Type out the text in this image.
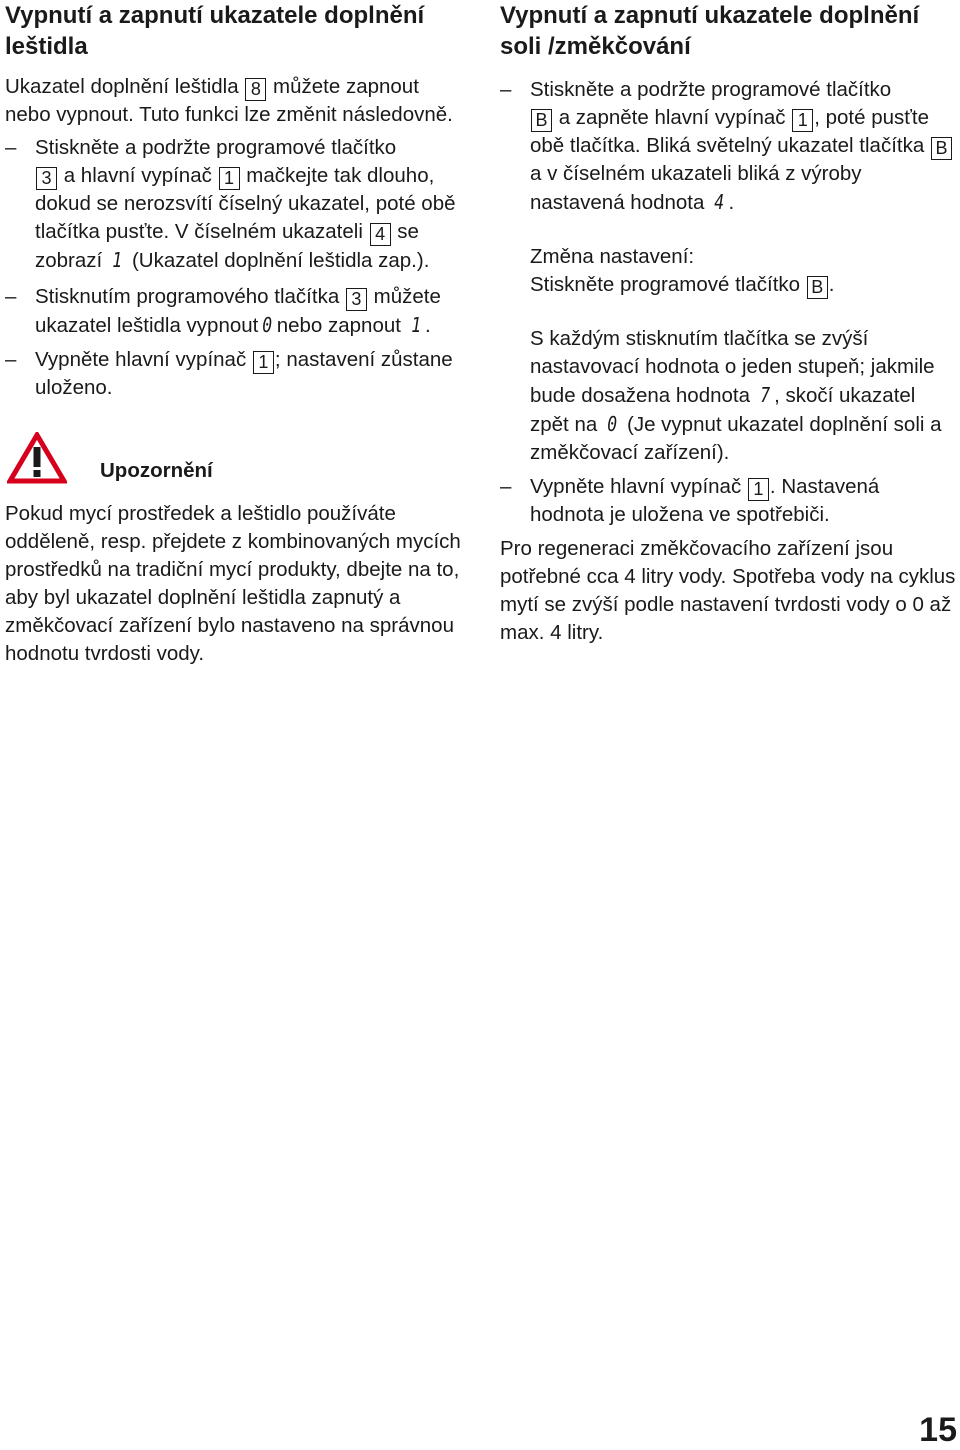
Vypnutí a zapnutí ukazatele doplnění leštidla

Ukazatel doplnění leštidla 8 můžete zapnout nebo vypnout. Tuto funkci lze změnit následovně.

– Stiskněte a podržte programové tlačítko
3 a hlavní vypínač 1 mačkejte tak dlouho, dokud se nerozsvítí číselný ukazatel, poté obě tlačítka pusťte. V číselném ukazateli 4 se zobrazí 1 (Ukazatel doplnění leštidla zap.).
– Stisknutím programového tlačítka 3 můžete ukazatel leštidla vypnout 0 nebo zapnout 1 .
– Vypněte hlavní vypínač 1 ; nastavení zůstane uloženo.
Upozornění

Pokud mycí prostředek a leštidlo používáte odděleně, resp. přejdete z kombinovaných mycích prostředků na tradiční mycí produkty, dbejte na to, aby byl ukazatel doplnění leštidla zapnutý a změkčovací zařízení bylo nastaveno na správnou hodnotu tvrdosti vody.

Vypnutí a zapnutí ukazatele doplnění soli /změkčování
– Stiskněte a podržte programové tlačítko
B a zapněte hlavní vypínač 1 , poté pusťte obě tlačítka. Bliká světelný ukazatel tlačítka B a v číselném ukazateli bliká z výroby nastavená hodnota 4 .
Změna nastavení:
Stiskněte programové tlačítko B .
S každým stisknutím tlačítka se zvýší nastavovací hodnota o jeden stupeň; jakmile bude dosažena hodnota 7 , skočí ukazatel zpět na 0 (Je vypnut ukazatel doplnění soli a změkčovací zařízení).
– Vypněte hlavní vypínač 1 . Nastavená hodnota je uložena ve spotřebiči.

Pro regeneraci změkčovacího zařízení jsou potřebné cca 4 litry vody. Spotřeba vody na cyklus mytí se zvýší podle nastavení tvrdosti vody o 0 až max. 4 litry.

15
